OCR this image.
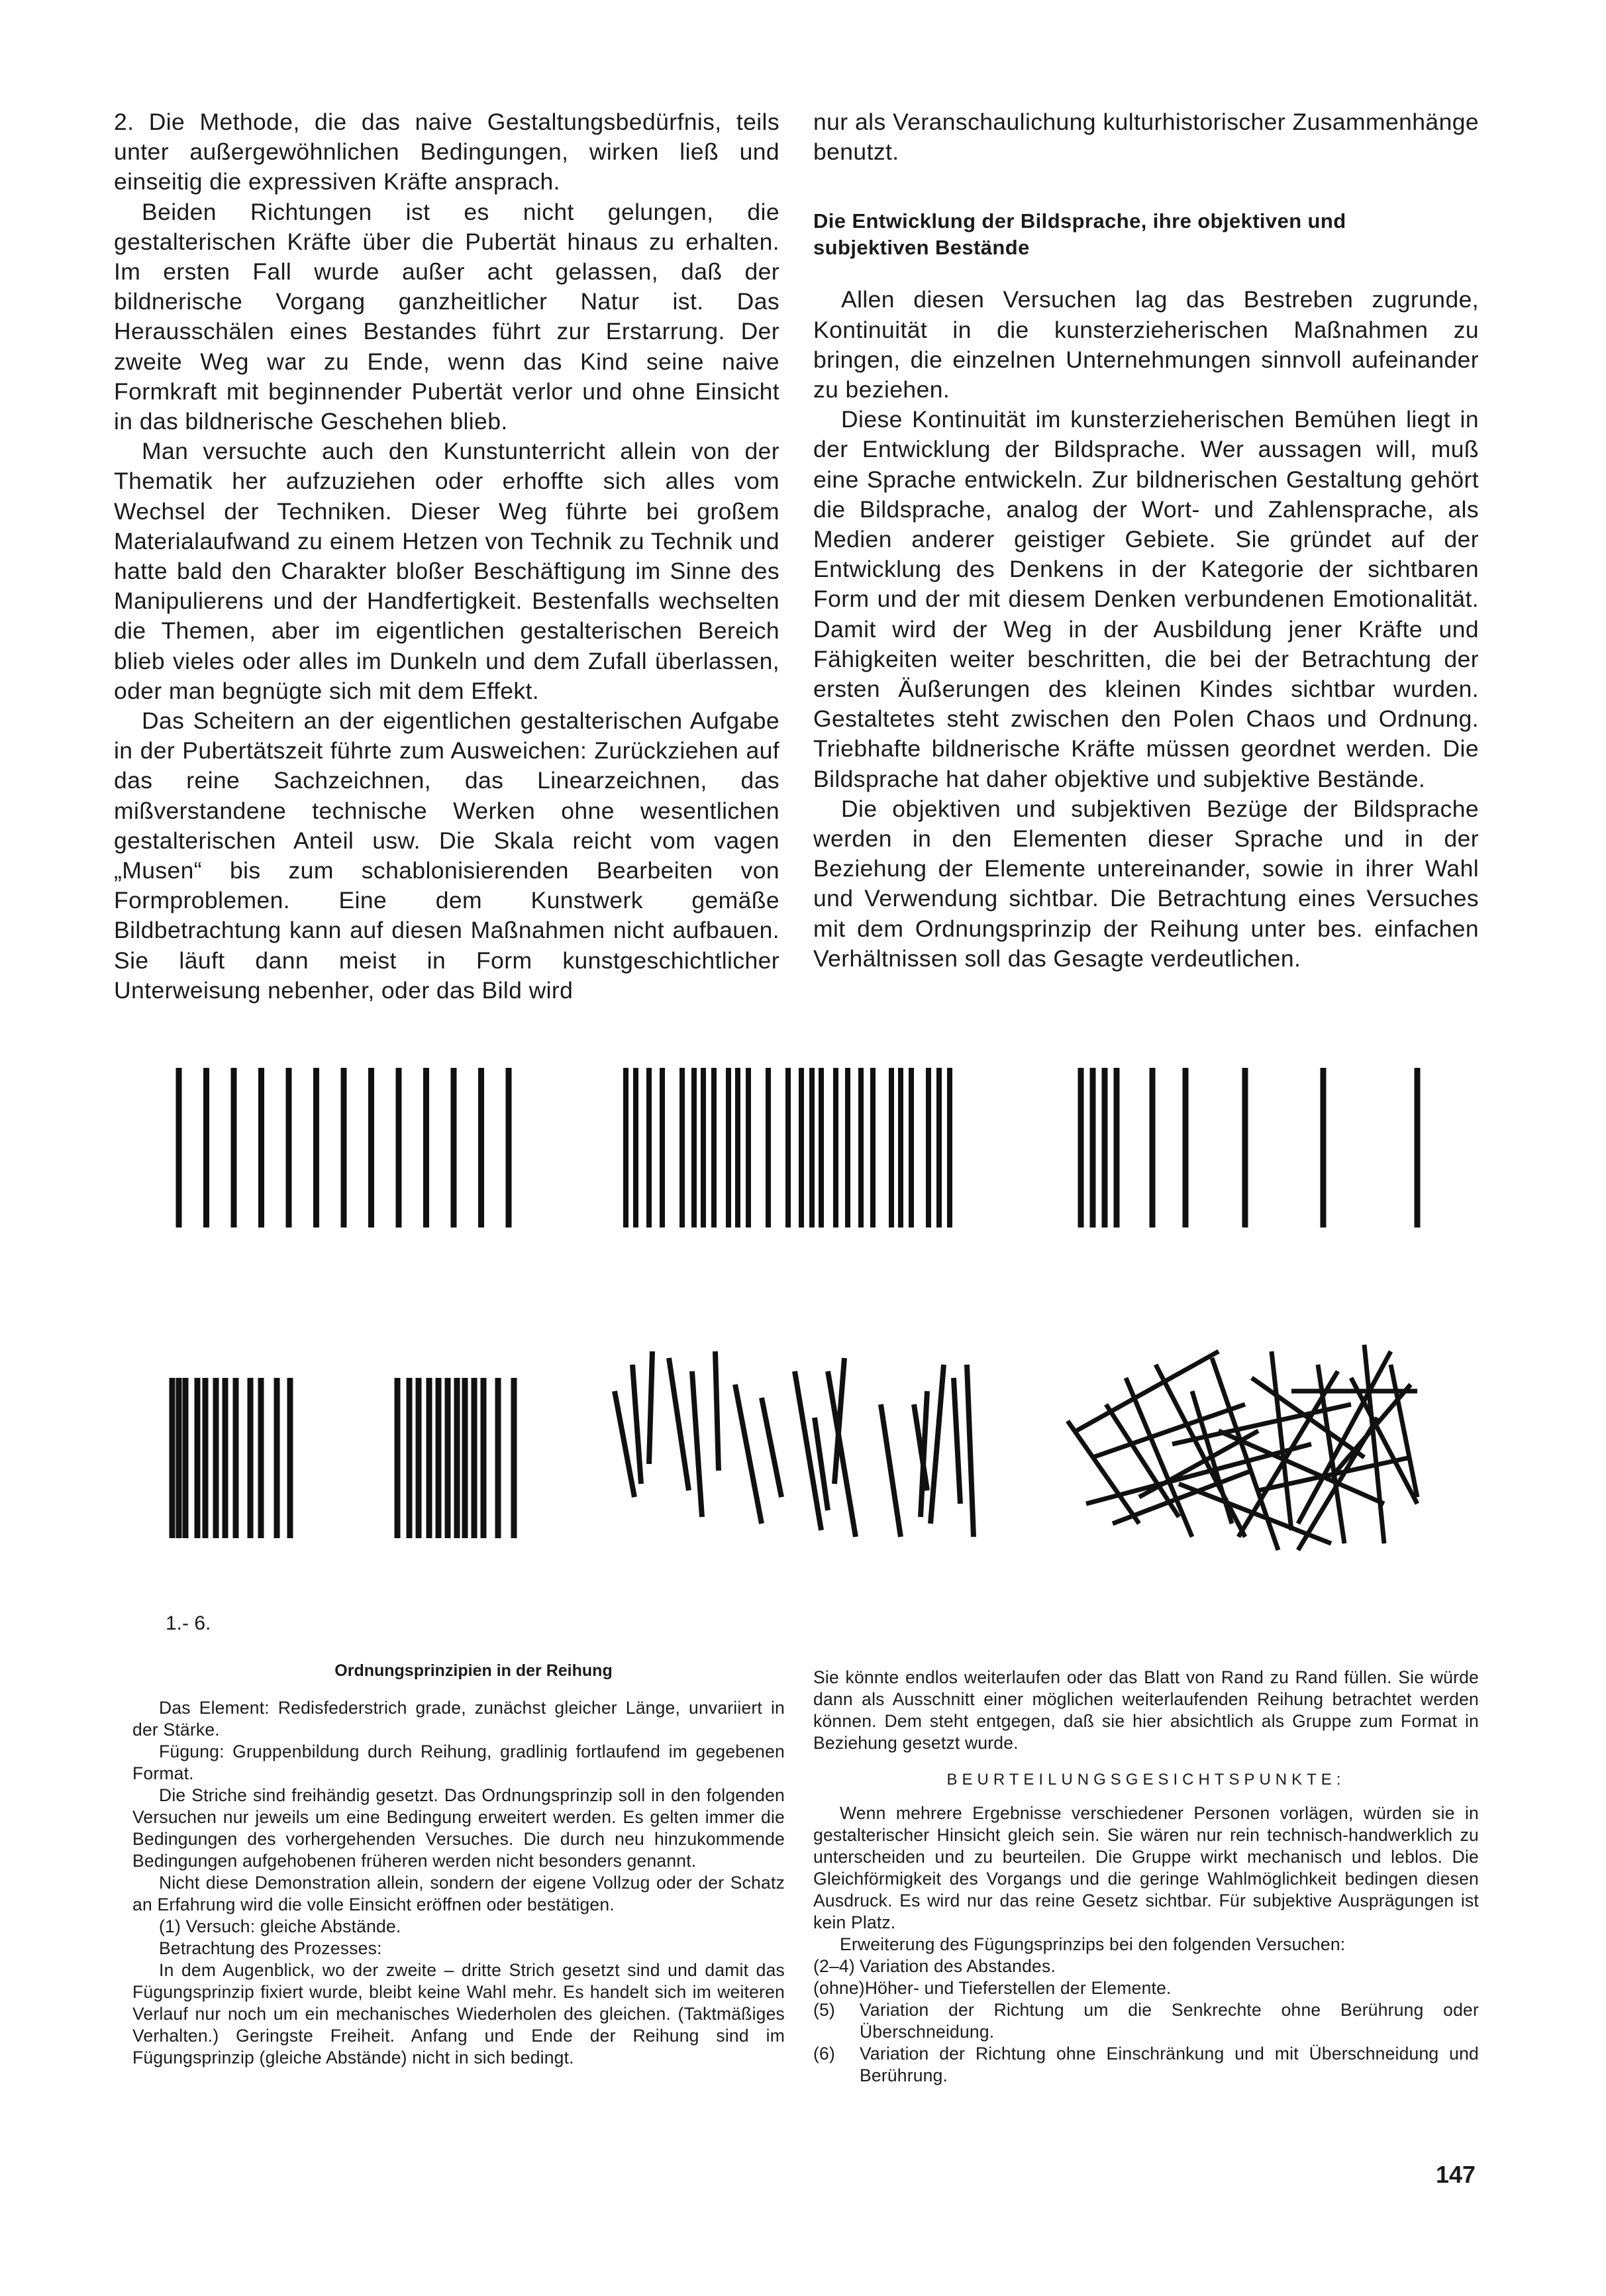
2. Die Methode, die das naive Gestaltungsbedürfnis, teils unter außergewöhnlichen Bedingungen, wirken ließ und einseitig die expressiven Kräfte ansprach.

Beiden Richtungen ist es nicht gelungen, die gestalterischen Kräfte über die Pubertät hinaus zu erhalten. Im ersten Fall wurde außer acht gelassen, daß der bildnerische Vorgang ganzheitlicher Natur ist. Das Herausschälen eines Bestandes führt zur Erstarrung. Der zweite Weg war zu Ende, wenn das Kind seine naive Formkraft mit beginnender Pubertät verlor und ohne Einsicht in das bildnerische Geschehen blieb.

Man versuchte auch den Kunstunterricht allein von der Thematik her aufzuziehen oder erhoffte sich alles vom Wechsel der Techniken. Dieser Weg führte bei großem Materialaufwand zu einem Hetzen von Technik zu Technik und hatte bald den Charakter bloßer Beschäftigung im Sinne des Manipulierens und der Handfertigkeit. Bestenfalls wechselten die Themen, aber im eigentlichen gestalterischen Bereich blieb vieles oder alles im Dunkeln und dem Zufall überlassen, oder man begnügte sich mit dem Effekt.

Das Scheitern an der eigentlichen gestalterischen Aufgabe in der Pubertätszeit führte zum Ausweichen: Zurückziehen auf das reine Sachzeichnen, das Linearzeichnen, das mißverstandene technische Werken ohne wesentlichen gestalterischen Anteil usw. Die Skala reicht vom vagen „Musen“ bis zum schablonisierenden Bearbeiten von Formproblemen. Eine dem Kunstwerk gemäße Bildbetrachtung kann auf diesen Maßnahmen nicht aufbauen. Sie läuft dann meist in Form kunstgeschichtlicher Unterweisung nebenher, oder das Bild wird

nur als Veranschaulichung kulturhistorischer Zusammenhänge benutzt.

Die Entwicklung der Bildsprache, ihre objektiven und subjektiven Bestände

Allen diesen Versuchen lag das Bestreben zugrunde, Kontinuität in die kunsterzieherischen Maßnahmen zu bringen, die einzelnen Unternehmungen sinnvoll aufeinander zu beziehen.

Diese Kontinuität im kunsterzieherischen Bemühen liegt in der Entwicklung der Bildsprache. Wer aussagen will, muß eine Sprache entwickeln. Zur bildnerischen Gestaltung gehört die Bildsprache, analog der Wort- und Zahlensprache, als Medien anderer geistiger Gebiete. Sie gründet auf der Entwicklung des Denkens in der Kategorie der sichtbaren Form und der mit diesem Denken verbundenen Emotionalität. Damit wird der Weg in der Ausbildung jener Kräfte und Fähigkeiten weiter beschritten, die bei der Betrachtung der ersten Äußerungen des kleinen Kindes sichtbar wurden. Gestaltetes steht zwischen den Polen Chaos und Ordnung. Triebhafte bildnerische Kräfte müssen geordnet werden. Die Bildsprache hat daher objektive und subjektive Bestände.

Die objektiven und subjektiven Bezüge der Bildsprache werden in den Elementen dieser Sprache und in der Beziehung der Elemente untereinander, sowie in ihrer Wahl und Verwendung sichtbar. Die Betrachtung eines Versuches mit dem Ordnungsprinzip der Reihung unter bes. einfachen Verhältnissen soll das Gesagte verdeutlichen.

1.- 6.
Ordnungsprinzipien in der Reihung

Das Element: Redisfederstrich grade, zunächst gleicher Länge, unvariiert in der Stärke.

Fügung: Gruppenbildung durch Reihung, gradlinig fortlaufend im gegebenen Format.

Die Striche sind freihändig gesetzt. Das Ordnungsprinzip soll in den folgenden Versuchen nur jeweils um eine Bedingung erweitert werden. Es gelten immer die Bedingungen des vorhergehenden Versuches. Die durch neu hinzukommende Bedingungen aufgehobenen früheren werden nicht besonders genannt.

Nicht diese Demonstration allein, sondern der eigene Vollzug oder der Schatz an Erfahrung wird die volle Einsicht eröffnen oder bestätigen.

(1) Versuch: gleiche Abstände.

Betrachtung des Prozesses:

In dem Augenblick, wo der zweite – dritte Strich gesetzt sind und damit das Fügungsprinzip fixiert wurde, bleibt keine Wahl mehr. Es handelt sich im weiteren Verlauf nur noch um ein mechanisches Wiederholen des gleichen. (Taktmäßiges Verhalten.) Geringste Freiheit. Anfang und Ende der Reihung sind im Fügungsprinzip (gleiche Abstände) nicht in sich bedingt.

Sie könnte endlos weiterlaufen oder das Blatt von Rand zu Rand füllen. Sie würde dann als Ausschnitt einer möglichen weiterlaufenden Reihung betrachtet werden können. Dem steht entgegen, daß sie hier absichtlich als Gruppe zum Format in Beziehung gesetzt wurde.

BEURTEILUNGSGESICHTSPUNKTE:

Wenn mehrere Ergebnisse verschiedener Personen vorlägen, würden sie in gestalterischer Hinsicht gleich sein. Sie wären nur rein technisch-handwerklich zu unterscheiden und zu beurteilen. Die Gruppe wirkt mechanisch und leblos. Die Gleichförmigkeit des Vorgangs und die geringe Wahlmöglichkeit bedingen diesen Ausdruck. Es wird nur das reine Gesetz sichtbar. Für subjektive Ausprägungen ist kein Platz.

Erweiterung des Fügungsprinzips bei den folgenden Versuchen:

(2–4) Variation des Abstandes.
(ohne) Höher- und Tieferstellen der Elemente.
(5)	Variation der Richtung um die Senkrechte ohne Berührung oder Überschneidung.
(6)	Variation der Richtung ohne Einschränkung und mit Überschneidung und Berührung.
147
